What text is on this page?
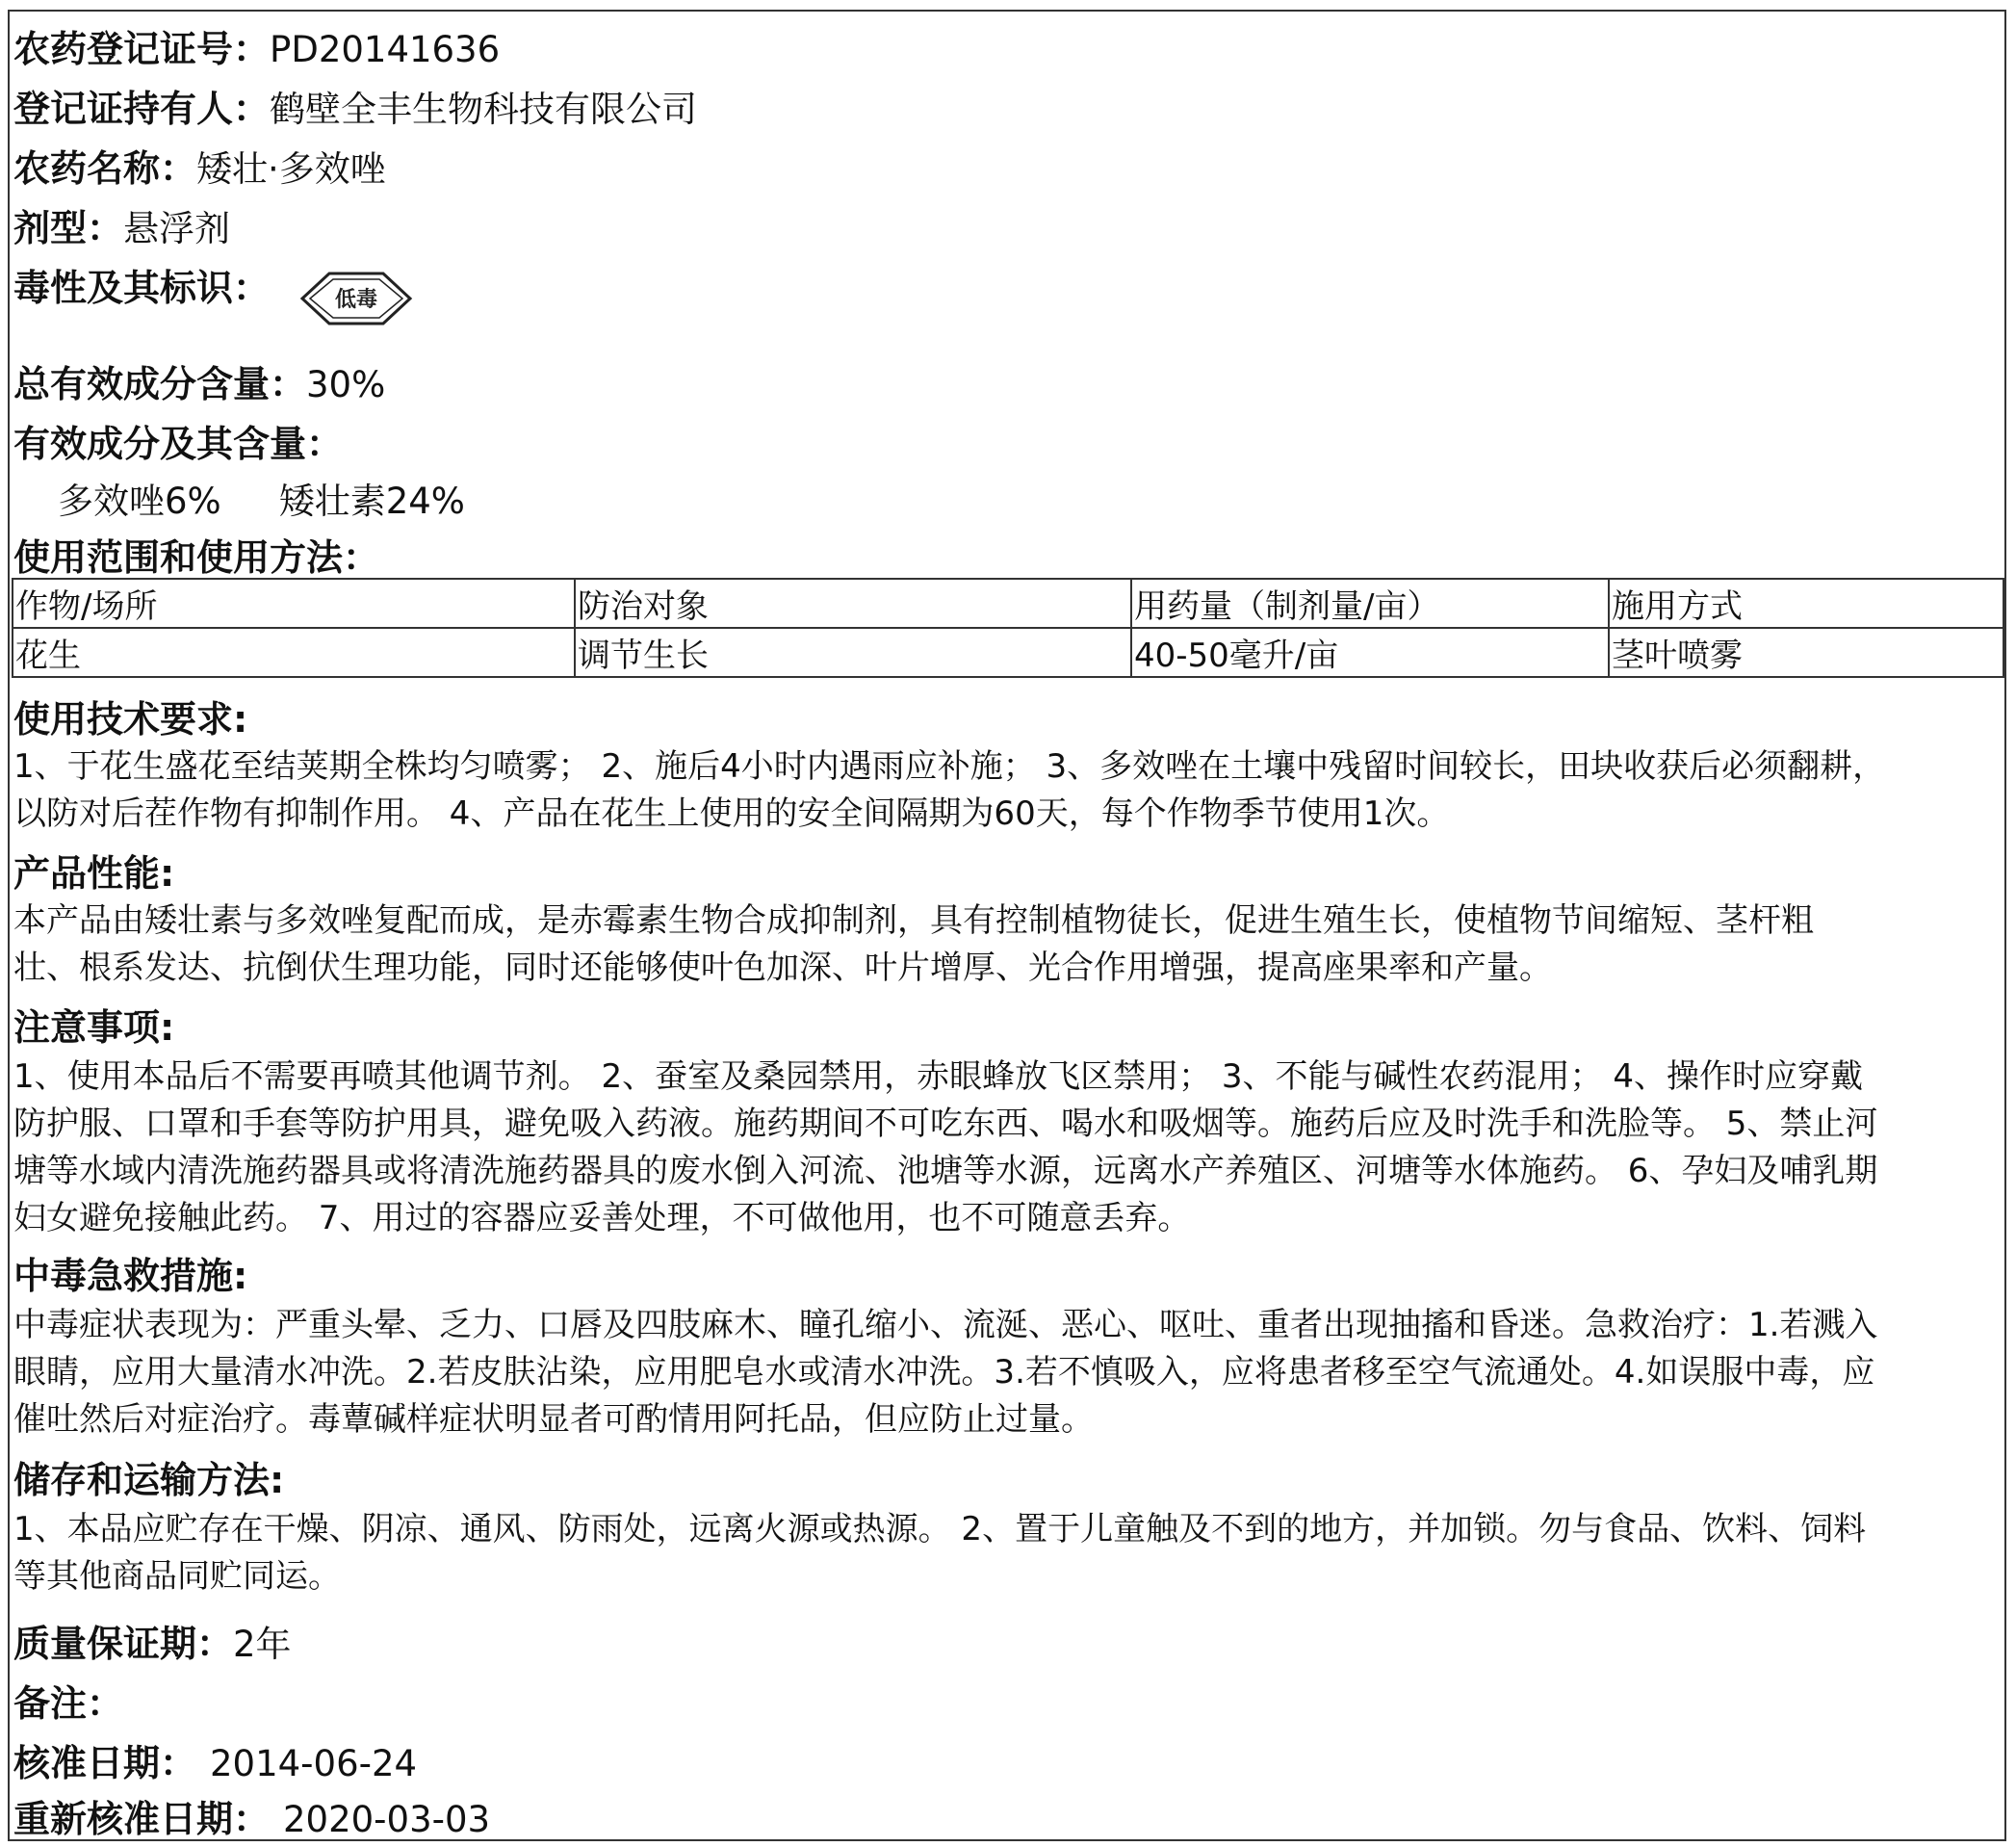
农药登记证号：PD20141636
登记证持有人：鹤壁全丰生物科技有限公司
农药名称：矮壮·多效唑
剂型：悬浮剂
毒性及其标识：	低毒
总有效成分含量：30%
有效成分及其含量：
多效唑6% 矮壮素24%
使用范围和使用方法：
作物/场所	防治对象	用药量（制剂量/亩）	施用方式
花生	调节生长	40-50毫升/亩	茎叶喷雾
使用技术要求:
1、于花生盛花至结荚期全株均匀喷雾； 2、施后4小时内遇雨应补施； 3、多效唑在土壤中残留时间较长，田块收获后必须翻耕，
以防对后茬作物有抑制作用。 4、产品在花生上使用的安全间隔期为60天，每个作物季节使用1次。
产品性能:
本产品由矮壮素与多效唑复配而成，是赤霉素生物合成抑制剂，具有控制植物徒长，促进生殖生长，使植物节间缩短、茎杆粗
壮、根系发达、抗倒伏生理功能，同时还能够使叶色加深、叶片增厚、光合作用增强，提高座果率和产量。
注意事项:
1、使用本品后不需要再喷其他调节剂。 2、蚕室及桑园禁用，赤眼蜂放飞区禁用； 3、不能与碱性农药混用； 4、操作时应穿戴
防护服、口罩和手套等防护用具，避免吸入药液。施药期间不可吃东西、喝水和吸烟等。施药后应及时洗手和洗脸等。 5、禁止河
塘等水域内清洗施药器具或将清洗施药器具的废水倒入河流、池塘等水源，远离水产养殖区、河塘等水体施药。 6、孕妇及哺乳期
妇女避免接触此药。 7、用过的容器应妥善处理，不可做他用，也不可随意丢弃。
中毒急救措施:
中毒症状表现为：严重头晕、乏力、口唇及四肢麻木、瞳孔缩小、流涎、恶心、呕吐、重者出现抽搐和昏迷。急救治疗：1.若溅入
眼睛，应用大量清水冲洗。2.若皮肤沾染，应用肥皂水或清水冲洗。3.若不慎吸入，应将患者移至空气流通处。4.如误服中毒，应
催吐然后对症治疗。毒蕈碱样症状明显者可酌情用阿托品，但应防止过量。
储存和运输方法:
1、本品应贮存在干燥、阴凉、通风、防雨处，远离火源或热源。 2、置于儿童触及不到的地方，并加锁。勿与食品、饮料、饲料
等其他商品同贮同运。
质量保证期：2年
备注：
核准日期： 2014-06-24
重新核准日期： 2020-03-03
